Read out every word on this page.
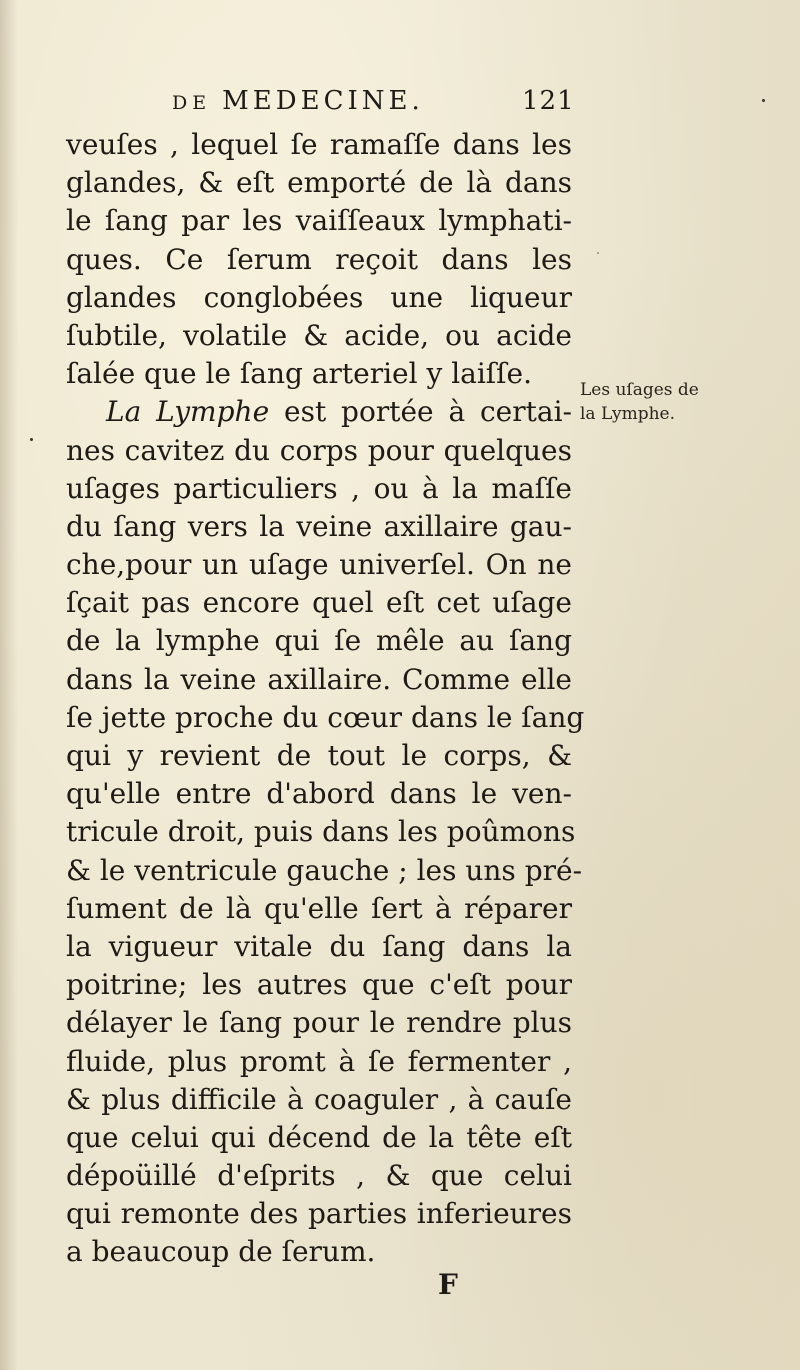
DE MEDECINE.	121
veuſes , lequel ſe ramaſſe dans les
glandes, & eſt emporté de là dans
le ſang par les vaiſſeaux lymphati-
ques. Ce ſerum reçoit dans les
glandes conglobées une liqueur
ſubtile, volatile & acide, ou acide
ſalée que le ſang arteriel y laiſſe.
La Lymphe est portée à certai-
nes cavitez du corps pour quelques
uſages particuliers , ou à la maſſe
du ſang vers la veine axillaire gau-
che,pour un uſage univerſel. On ne
ſçait pas encore quel eſt cet uſage
de la lymphe qui ſe mêle au ſang
dans la veine axillaire. Comme elle
ſe jette proche du cœur dans le ſang
qui y revient de tout le corps, &
qu'elle entre d'abord dans le ven-
tricule droit, puis dans les poûmons
& le ventricule gauche ; les uns pré-
ſument de là qu'elle ſert à réparer
la vigueur vitale du ſang dans la
poitrine; les autres que c'eſt pour
délayer le ſang pour le rendre plus
fluide, plus promt à ſe fermenter ,
& plus difficile à coaguler , à cauſe
que celui qui décend de la tête eſt
dépoüillé d'eſprits , & que celui
qui remonte des parties inferieures
a beaucoup de ſerum.
Les uſages de
la Lymphe.
F
